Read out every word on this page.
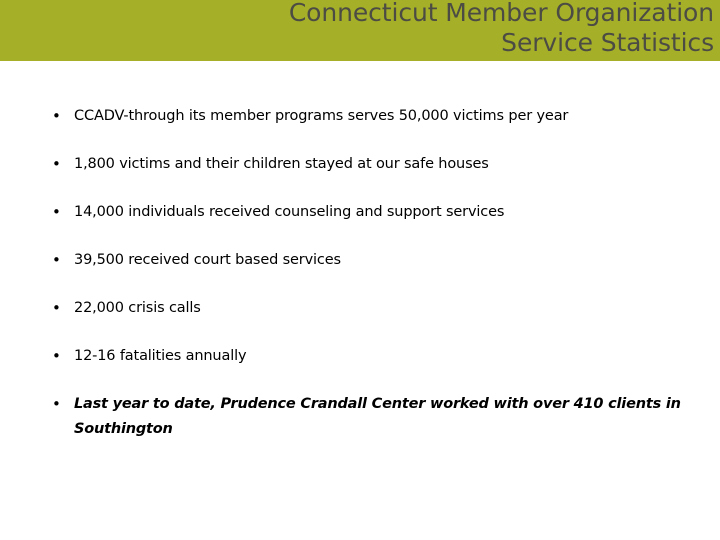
Connecticut Member Organization
Service Statistics
• CCADV-through its member programs serves 50,000 victims per year
• 1,800 victims and their children stayed at our safe houses
• 14,000 individuals received counseling and support services
• 39,500 received court based services
• 22,000 crisis calls
• 12-16 fatalities annually
• Last year to date, Prudence Crandall Center worked with over 410 clients in Southington
